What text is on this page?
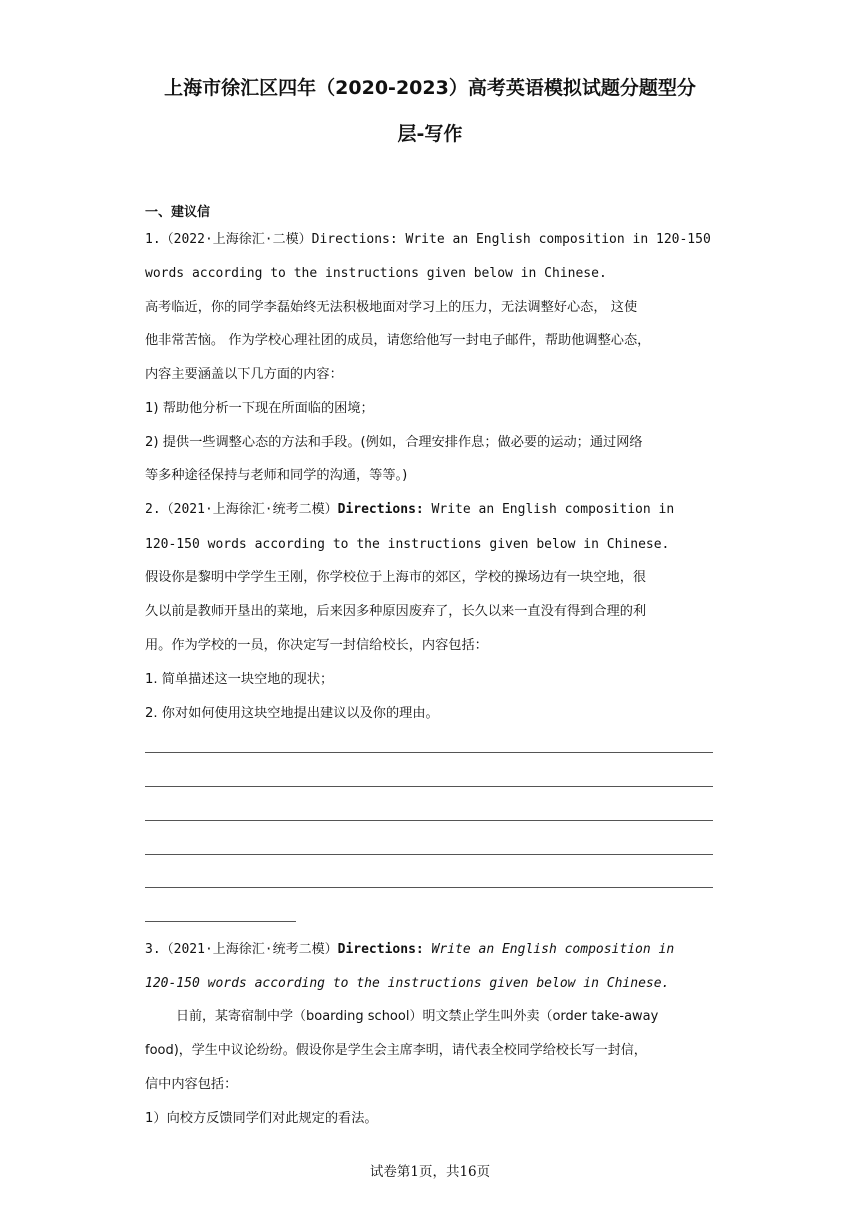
上海市徐汇区四年（2020-2023）高考英语模拟试题分题型分
层-写作
一、建议信
1.（2022·上海徐汇·二模）Directions: Write an English composition in 120-150
words according to the instructions given below in Chinese.
高考临近，你的同学李磊始终无法积极地面对学习上的压力，无法调整好心态， 这使
他非常苦恼。 作为学校心理社团的成员，请您给他写一封电子邮件，帮助他调整心态，
内容主要涵盖以下几方面的内容：
1) 帮助他分析一下现在所面临的困境；
2) 提供一些调整心态的方法和手段。(例如，合理安排作息；做必要的运动；通过网络
等多种途径保持与老师和同学的沟通，等等。)
2.（2021·上海徐汇·统考二模）Directions: Write an English composition in
120-150 words according to the instructions given below in Chinese.
假设你是黎明中学学生王刚，你学校位于上海市的郊区，学校的操场边有一块空地，很
久以前是教师开垦出的菜地，后来因多种原因废弃了，长久以来一直没有得到合理的利
用。作为学校的一员，你决定写一封信给校长，内容包括：
1. 简单描述这一块空地的现状；
2. 你对如何使用这块空地提出建议以及你的理由。
3.（2021·上海徐汇·统考二模）Directions: Write an English composition in
120-150 words according to the instructions given below in Chinese.
日前，某寄宿制中学（boarding school）明文禁止学生叫外卖（order take-away
food)，学生中议论纷纷。假设你是学生会主席李明，请代表全校同学给校长写一封信，
信中内容包括：
1）向校方反馈同学们对此规定的看法。
试卷第1页，共16页
